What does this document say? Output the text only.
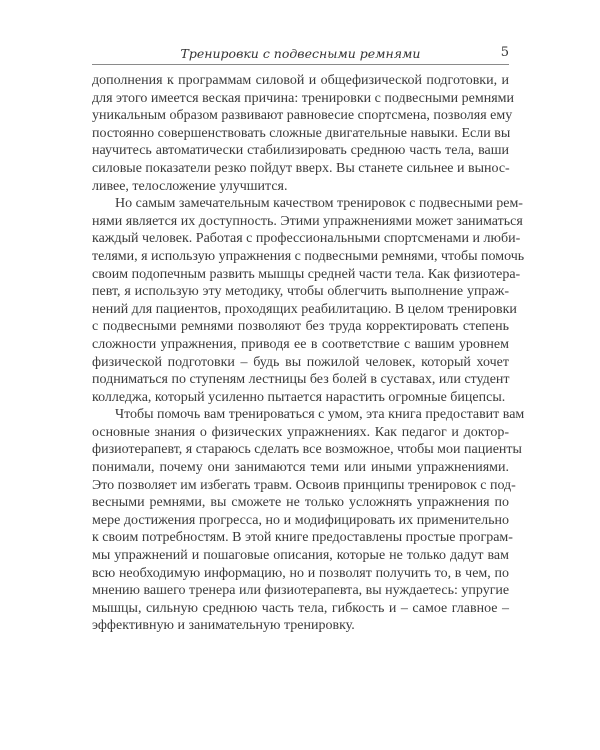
Тренировки с подвесными ремнями	5
дополнения к программам силовой и общефизической подготовки, и
для этого имеется веская причина: тренировки с подвесными ремнями
уникальным образом развивают равновесие спортсмена, позволяя ему
постоянно совершенствовать сложные двигательные навыки. Если вы
научитесь автоматически стабилизировать среднюю часть тела, ваши
силовые показатели резко пойдут вверх. Вы станете сильнее и вынос-
ливее, телосложение улучшится.
Но самым замечательным качеством тренировок с подвесными рем-
нями является их доступность. Этими упражнениями может заниматься
каждый человек. Работая с профессиональными спортсменами и люби-
телями, я использую упражнения с подвесными ремнями, чтобы помочь
своим подопечным развить мышцы средней части тела. Как физиотера-
певт, я использую эту методику, чтобы облегчить выполнение упраж-
нений для пациентов, проходящих реабилитацию. В целом тренировки
с подвесными ремнями позволяют без труда корректировать степень
сложности упражнения, приводя ее в соответствие с вашим уровнем
физической подготовки – будь вы пожилой человек, который хочет
подниматься по ступеням лестницы без болей в суставах, или студент
колледжа, который усиленно пытается нарастить огромные бицепсы.
Чтобы помочь вам тренироваться с умом, эта книга предоставит вам
основные знания о физических упражнениях. Как педагог и доктор-
физиотерапевт, я стараюсь сделать все возможное, чтобы мои пациенты
понимали, почему они занимаются теми или иными упражнениями.
Это позволяет им избегать травм. Освоив принципы тренировок с под-
весными ремнями, вы сможете не только усложнять упражнения по
мере достижения прогресса, но и модифицировать их применительно
к своим потребностям. В этой книге предоставлены простые програм-
мы упражнений и пошаговые описания, которые не только дадут вам
всю необходимую информацию, но и позволят получить то, в чем, по
мнению вашего тренера или физиотерапевта, вы нуждаетесь: упругие
мышцы, сильную среднюю часть тела, гибкость и – самое главное –
эффективную и занимательную тренировку.
